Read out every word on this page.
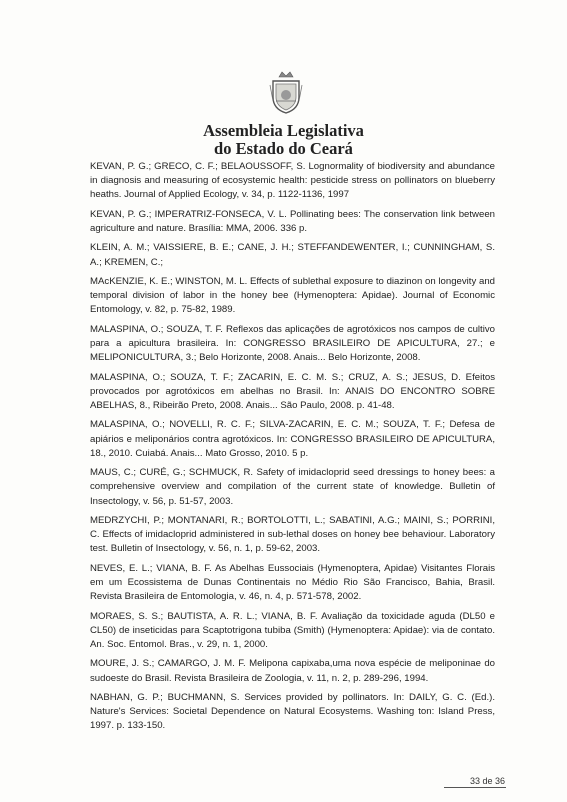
Assembleia Legislativa
do Estado do Ceará
KEVAN, P. G.; GRECO, C. F.; BELAOUSSOFF, S. Lognormality of biodiversity and abundance in diagnosis and measuring of ecosystemic health: pesticide stress on pollinators on blueberry heaths. Journal of Applied Ecology, v. 34, p. 1122-1136, 1997
KEVAN, P. G.; IMPERATRIZ-FONSECA, V. L. Pollinating bees: The conservation link between agriculture and nature. Brasília: MMA, 2006. 336 p.
KLEIN, A. M.; VAISSIERE, B. E.; CANE, J. H.; STEFFANDEWENTER, I.; CUNNINGHAM, S. A.; KREMEN, C.;
MAcKENZIE, K. E.; WINSTON, M. L. Effects of sublethal exposure to diazinon on longevity and temporal division of labor in the honey bee (Hymenoptera: Apidae). Journal of Economic Entomology, v. 82, p. 75-82, 1989.
MALASPINA, O.; SOUZA, T. F. Reflexos das aplicações de agrotóxicos nos campos de cultivo para a apicultura brasileira. In: CONGRESSO BRASILEIRO DE APICULTURA, 27.; e MELIPONICULTURA, 3.; Belo Horizonte, 2008. Anais... Belo Horizonte, 2008.
MALASPINA, O.; SOUZA, T. F.; ZACARIN, E. C. M. S.; CRUZ, A. S.; JESUS, D. Efeitos provocados por agrotóxicos em abelhas no Brasil. In: ANAIS DO ENCONTRO SOBRE ABELHAS, 8., Ribeirão Preto, 2008. Anais... São Paulo, 2008. p. 41-48.
MALASPINA, O.; NOVELLI, R. C. F.; SILVA-ZACARIN, E. C. M.; SOUZA, T. F.; Defesa de apiários e meliponários contra agrotóxicos. In: CONGRESSO BRASILEIRO DE APICULTURA, 18., 2010. Cuiabá. Anais... Mato Grosso, 2010. 5 p.
MAUS, C.; CURÉ, G.; SCHMUCK, R. Safety of imidacloprid seed dressings to honey bees: a comprehensive overview and compilation of the current state of knowledge. Bulletin of Insectology, v. 56, p. 51-57, 2003.
MEDRZYCHI, P.; MONTANARI, R.; BORTOLOTTI, L.; SABATINI, A.G.; MAINI, S.; PORRINI, C. Effects of imidacloprid administered in sub-lethal doses on honey bee behaviour. Laboratory test. Bulletin of Insectology, v. 56, n. 1, p. 59-62, 2003.
NEVES, E. L.; VIANA, B. F. As Abelhas Eussociais (Hymenoptera, Apidae) Visitantes Florais em um Ecossistema de Dunas Continentais no Médio Rio São Francisco, Bahia, Brasil. Revista Brasileira de Entomologia, v. 46, n. 4, p. 571-578, 2002.
MORAES, S. S.; BAUTISTA, A. R. L.; VIANA, B. F. Avaliação da toxicidade aguda (DL50 e CL50) de inseticidas para Scaptotrigona tubiba (Smith) (Hymenoptera: Apidae): via de contato. An. Soc. Entomol. Bras., v. 29, n. 1, 2000.
MOURE, J. S.; CAMARGO, J. M. F. Melipona capixaba,uma nova espécie de meliponinae do sudoeste do Brasil. Revista Brasileira de Zoologia, v. 11, n. 2, p. 289-296, 1994.
NABHAN, G. P.; BUCHMANN, S. Services provided by pollinators. In: DAILY, G. C. (Ed.). Nature's Services: Societal Dependence on Natural Ecosystems. Washing ton: Island Press, 1997. p. 133-150.
33 de 36
